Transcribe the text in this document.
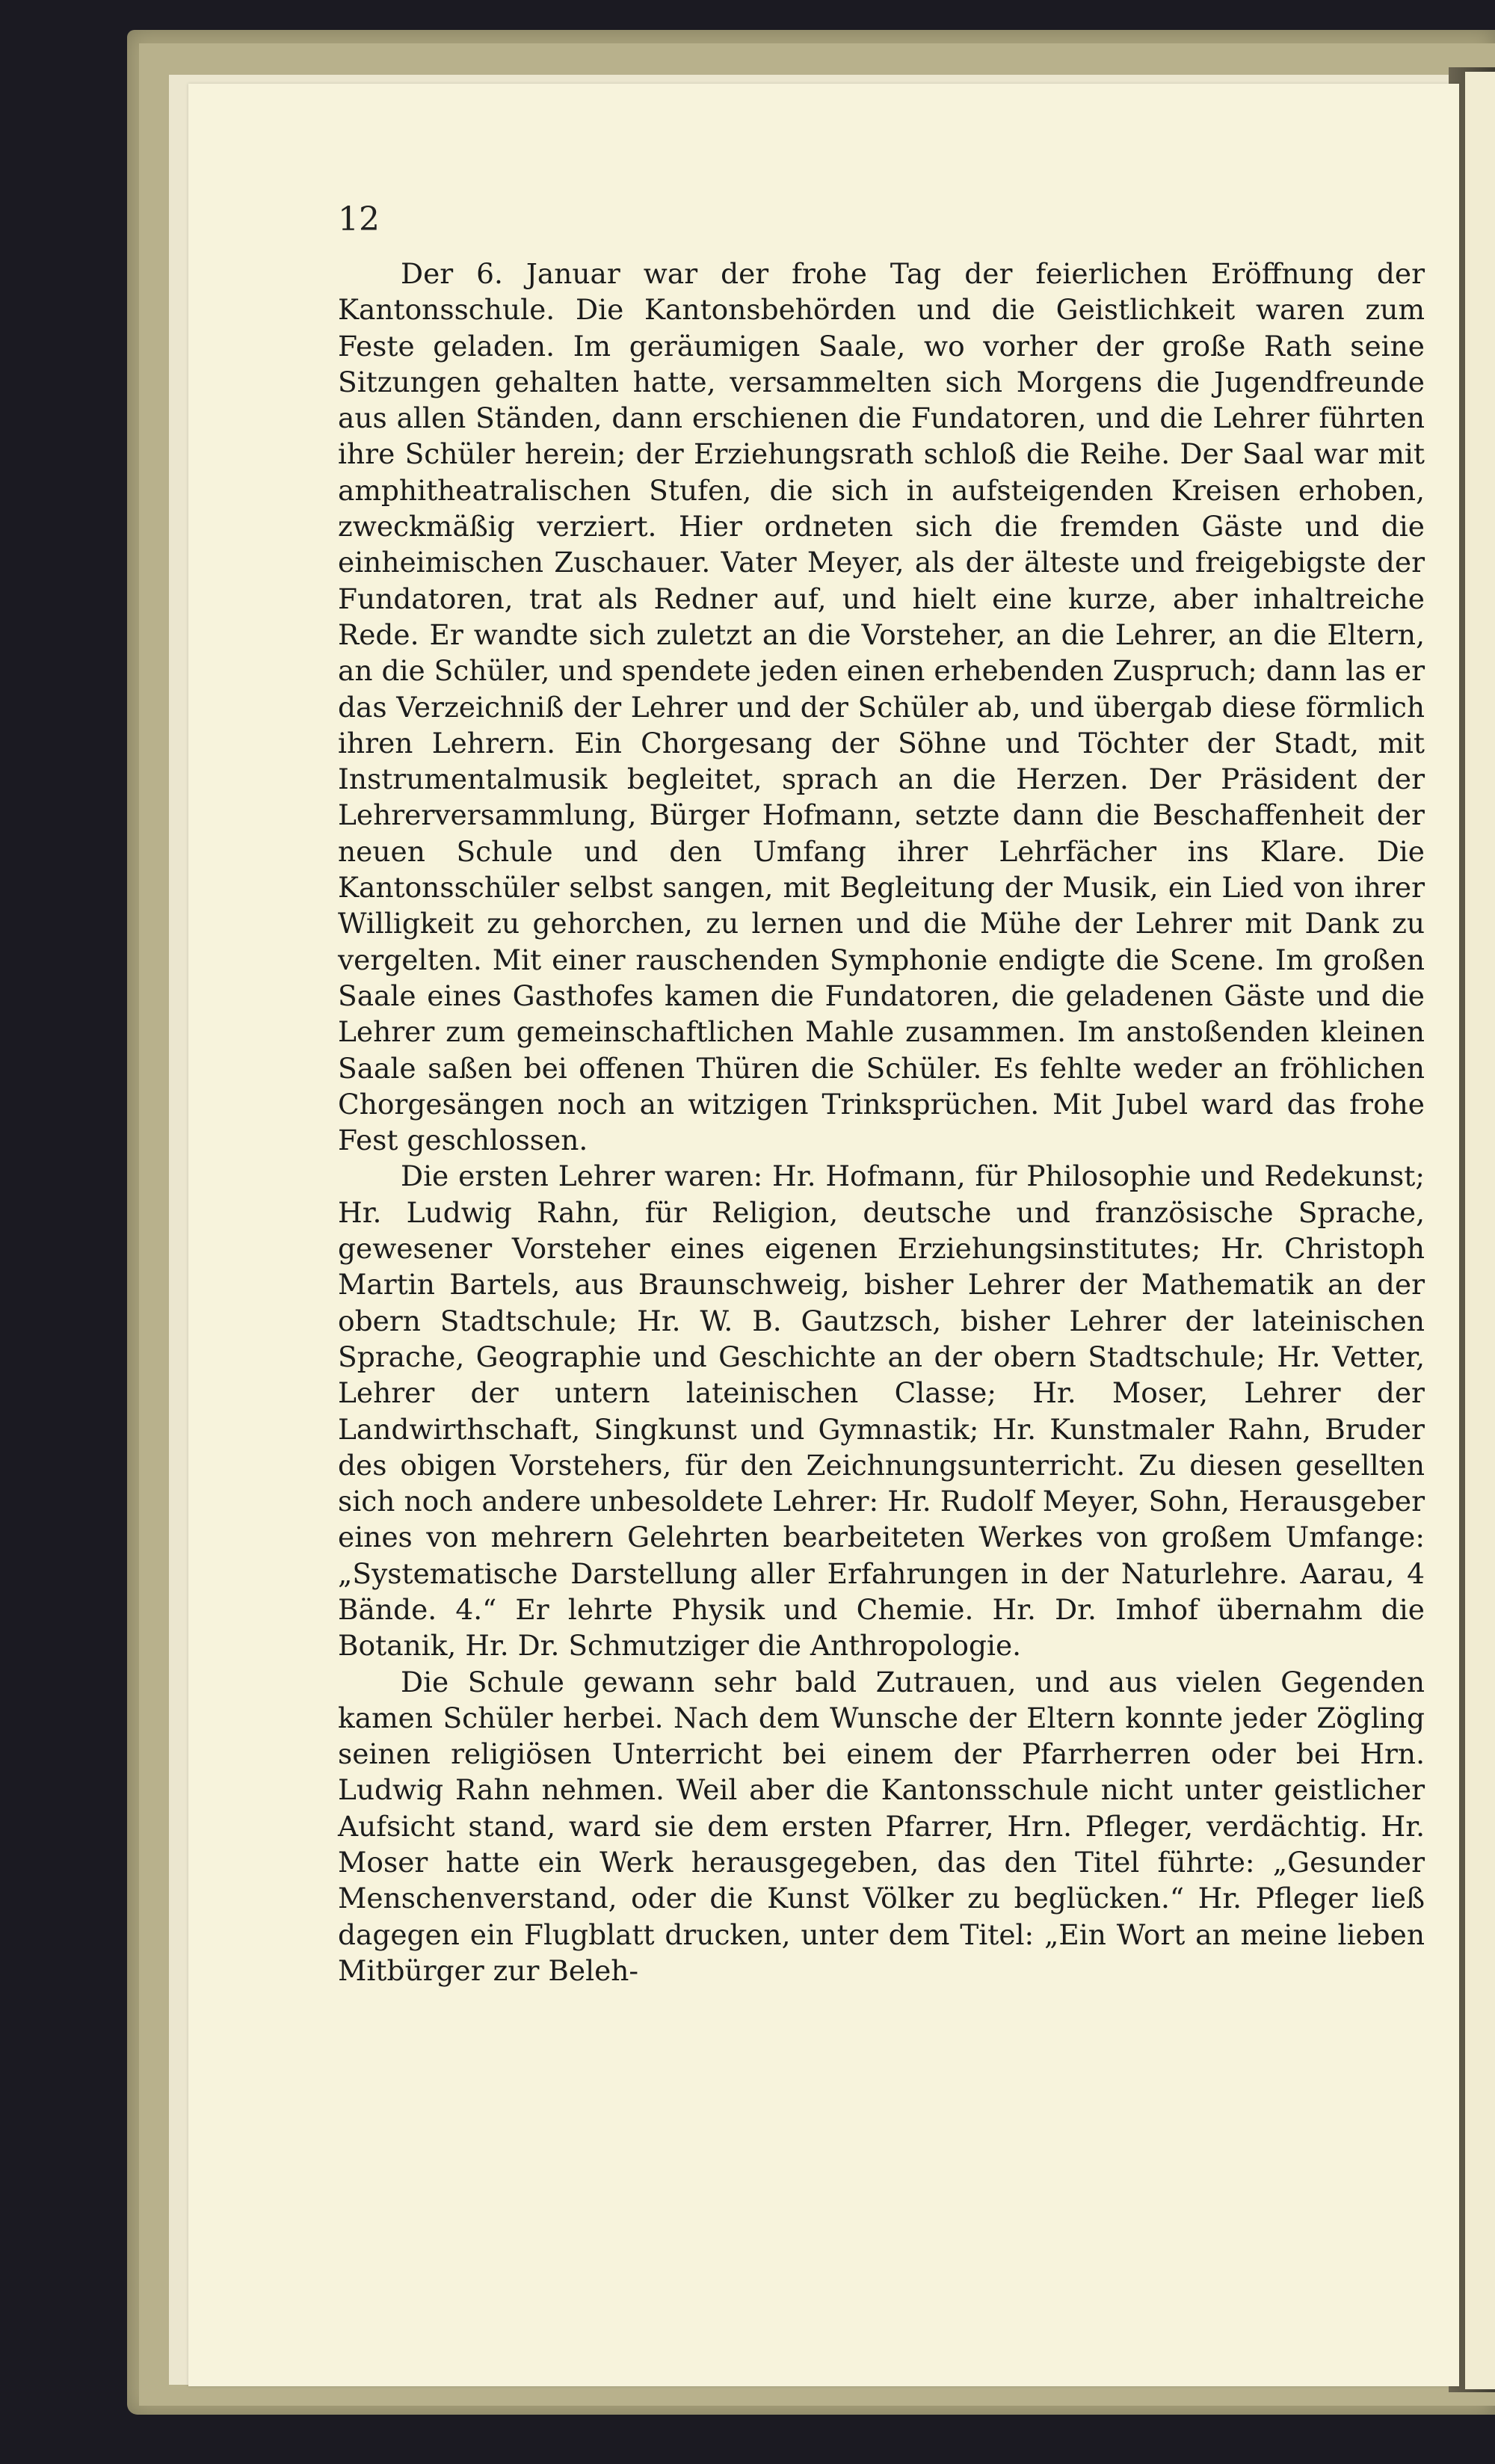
12

Der 6. Januar war der frohe Tag der feierlichen Eröffnung der Kantonsschule. Die Kantonsbehörden und die Geistlichkeit waren zum Feste geladen. Im geräumigen Saale, wo vorher der große Rath seine Sitzungen gehalten hatte, versammelten sich Morgens die Jugendfreunde aus allen Ständen, dann erschienen die Fundatoren, und die Lehrer führten ihre Schüler herein; der Erziehungsrath schloß die Reihe. Der Saal war mit amphitheatralischen Stufen, die sich in aufsteigenden Kreisen erhoben, zweckmäßig verziert. Hier ordneten sich die fremden Gäste und die einheimischen Zuschauer. Vater Meyer, als der älteste und freigebigste der Fundatoren, trat als Redner auf, und hielt eine kurze, aber inhaltreiche Rede. Er wandte sich zuletzt an die Vorsteher, an die Lehrer, an die Eltern, an die Schüler, und spendete jeden einen erhebenden Zuspruch; dann las er das Verzeichniß der Lehrer und der Schüler ab, und übergab diese förmlich ihren Lehrern. Ein Chorgesang der Söhne und Töchter der Stadt, mit Instrumentalmusik begleitet, sprach an die Herzen. Der Präsident der Lehrerversammlung, Bürger Hofmann, setzte dann die Beschaffenheit der neuen Schule und den Umfang ihrer Lehrfächer ins Klare. Die Kantonsschüler selbst sangen, mit Begleitung der Musik, ein Lied von ihrer Willigkeit zu gehorchen, zu lernen und die Mühe der Lehrer mit Dank zu vergelten. Mit einer rauschenden Symphonie endigte die Scene. Im großen Saale eines Gasthofes kamen die Fundatoren, die geladenen Gäste und die Lehrer zum gemeinschaftlichen Mahle zusammen. Im anstoßenden kleinen Saale saßen bei offenen Thüren die Schüler. Es fehlte weder an fröhlichen Chorgesängen noch an witzigen Trinksprüchen. Mit Jubel ward das frohe Fest geschlossen.

Die ersten Lehrer waren: Hr. Hofmann, für Philosophie und Redekunst; Hr. Ludwig Rahn, für Religion, deutsche und französische Sprache, gewesener Vorsteher eines eigenen Erziehungsinstitutes; Hr. Christoph Martin Bartels, aus Braunschweig, bisher Lehrer der Mathematik an der obern Stadtschule; Hr. W. B. Gautzsch, bisher Lehrer der lateinischen Sprache, Geographie und Geschichte an der obern Stadtschule; Hr. Vetter, Lehrer der untern lateinischen Classe; Hr. Moser, Lehrer der Landwirthschaft, Singkunst und Gymnastik; Hr. Kunstmaler Rahn, Bruder des obigen Vorstehers, für den Zeichnungsunterricht. Zu diesen gesellten sich noch andere unbesoldete Lehrer: Hr. Rudolf Meyer, Sohn, Herausgeber eines von mehrern Gelehrten bearbeiteten Werkes von großem Umfange: „Systematische Darstellung aller Erfahrungen in der Naturlehre. Aarau, 4 Bände. 4.“ Er lehrte Physik und Chemie. Hr. Dr. Imhof übernahm die Botanik, Hr. Dr. Schmutziger die Anthropologie.

Die Schule gewann sehr bald Zutrauen, und aus vielen Gegenden kamen Schüler herbei. Nach dem Wunsche der Eltern konnte jeder Zögling seinen religiösen Unterricht bei einem der Pfarrherren oder bei Hrn. Ludwig Rahn nehmen. Weil aber die Kantonsschule nicht unter geistlicher Aufsicht stand, ward sie dem ersten Pfarrer, Hrn. Pfleger, verdächtig. Hr. Moser hatte ein Werk herausgegeben, das den Titel führte: „Gesunder Menschenverstand, oder die Kunst Völker zu beglücken.“ Hr. Pfleger ließ dagegen ein Flugblatt drucken, unter dem Titel: „Ein Wort an meine lieben Mitbürger zur Beleh-
